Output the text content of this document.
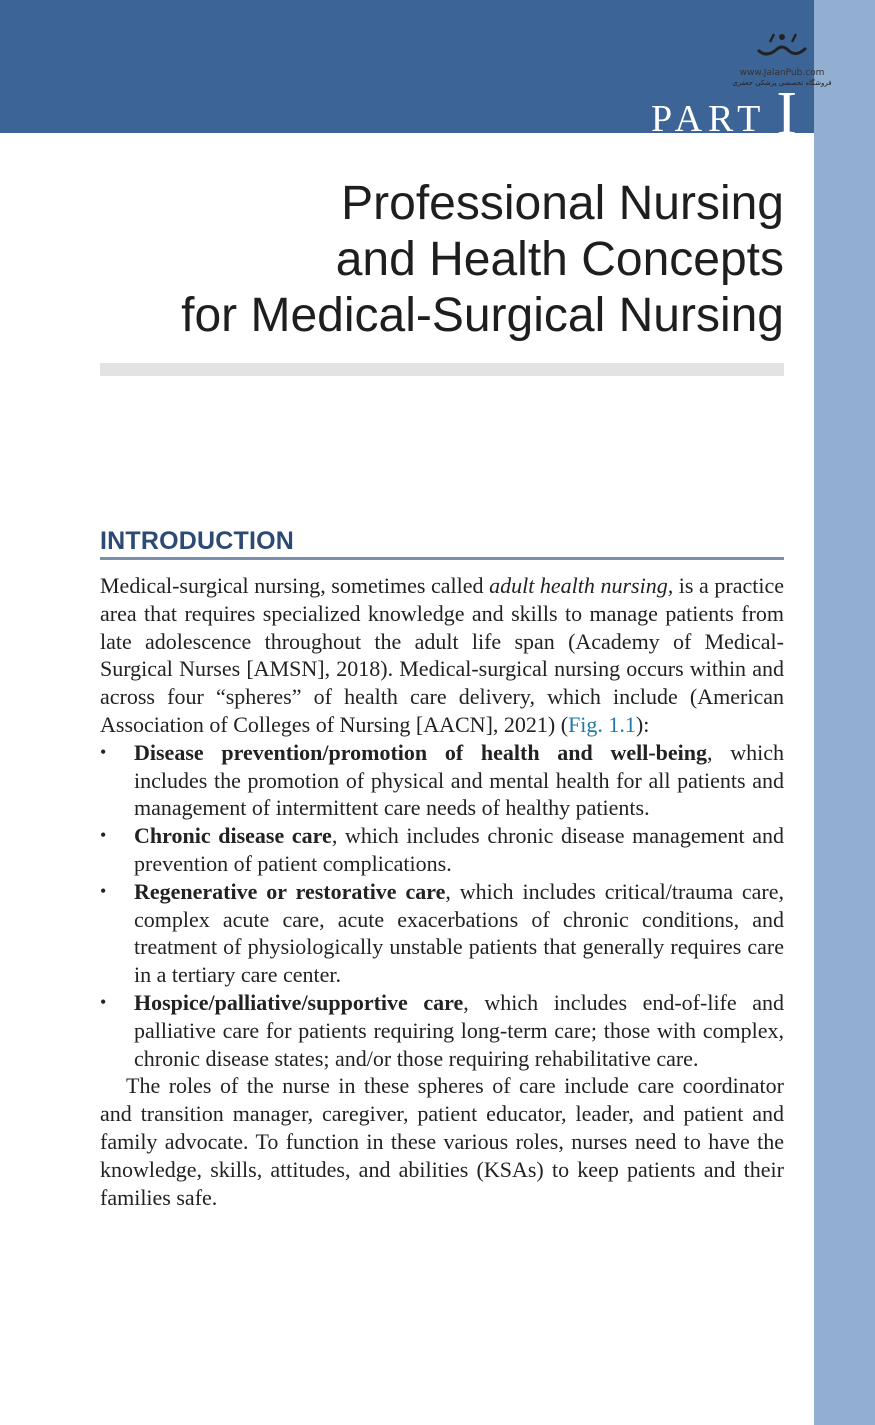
www.JalanPub.com
فروشگاه تخصصی پزشکی جعفری
PART I
Professional Nursing
and Health Concepts
for Medical-Surgical Nursing
INTRODUCTION

Medical-surgical nursing, sometimes called adult health nursing, is a practice area that requires specialized knowledge and skills to manage patients from late adolescence throughout the adult life span (Academy of Medical-Surgical Nurses [AMSN], 2018). Medical-surgical nursing occurs within and across four “spheres” of health care delivery, which include (American Association of Colleges of Nursing [AACN], 2021) (Fig. 1.1):

• Disease prevention/promotion of health and well-being, which includes the promotion of physical and mental health for all patients and management of intermittent care needs of healthy patients.
• Chronic disease care, which includes chronic disease management and prevention of patient complications.
• Regenerative or restorative care, which includes critical/trauma care, complex acute care, acute exacerbations of chronic conditions, and treatment of physiologically unstable patients that generally requires care in a tertiary care center.
• Hospice/palliative/supportive care, which includes end-of-life and palliative care for patients requiring long-term care; those with complex, chronic disease states; and/or those requiring rehabilitative care.

The roles of the nurse in these spheres of care include care coordinator and transition manager, caregiver, patient educator, leader, and patient and family advocate. To function in these various roles, nurses need to have the knowledge, skills, attitudes, and abilities (KSAs) to keep patients and their families safe.
